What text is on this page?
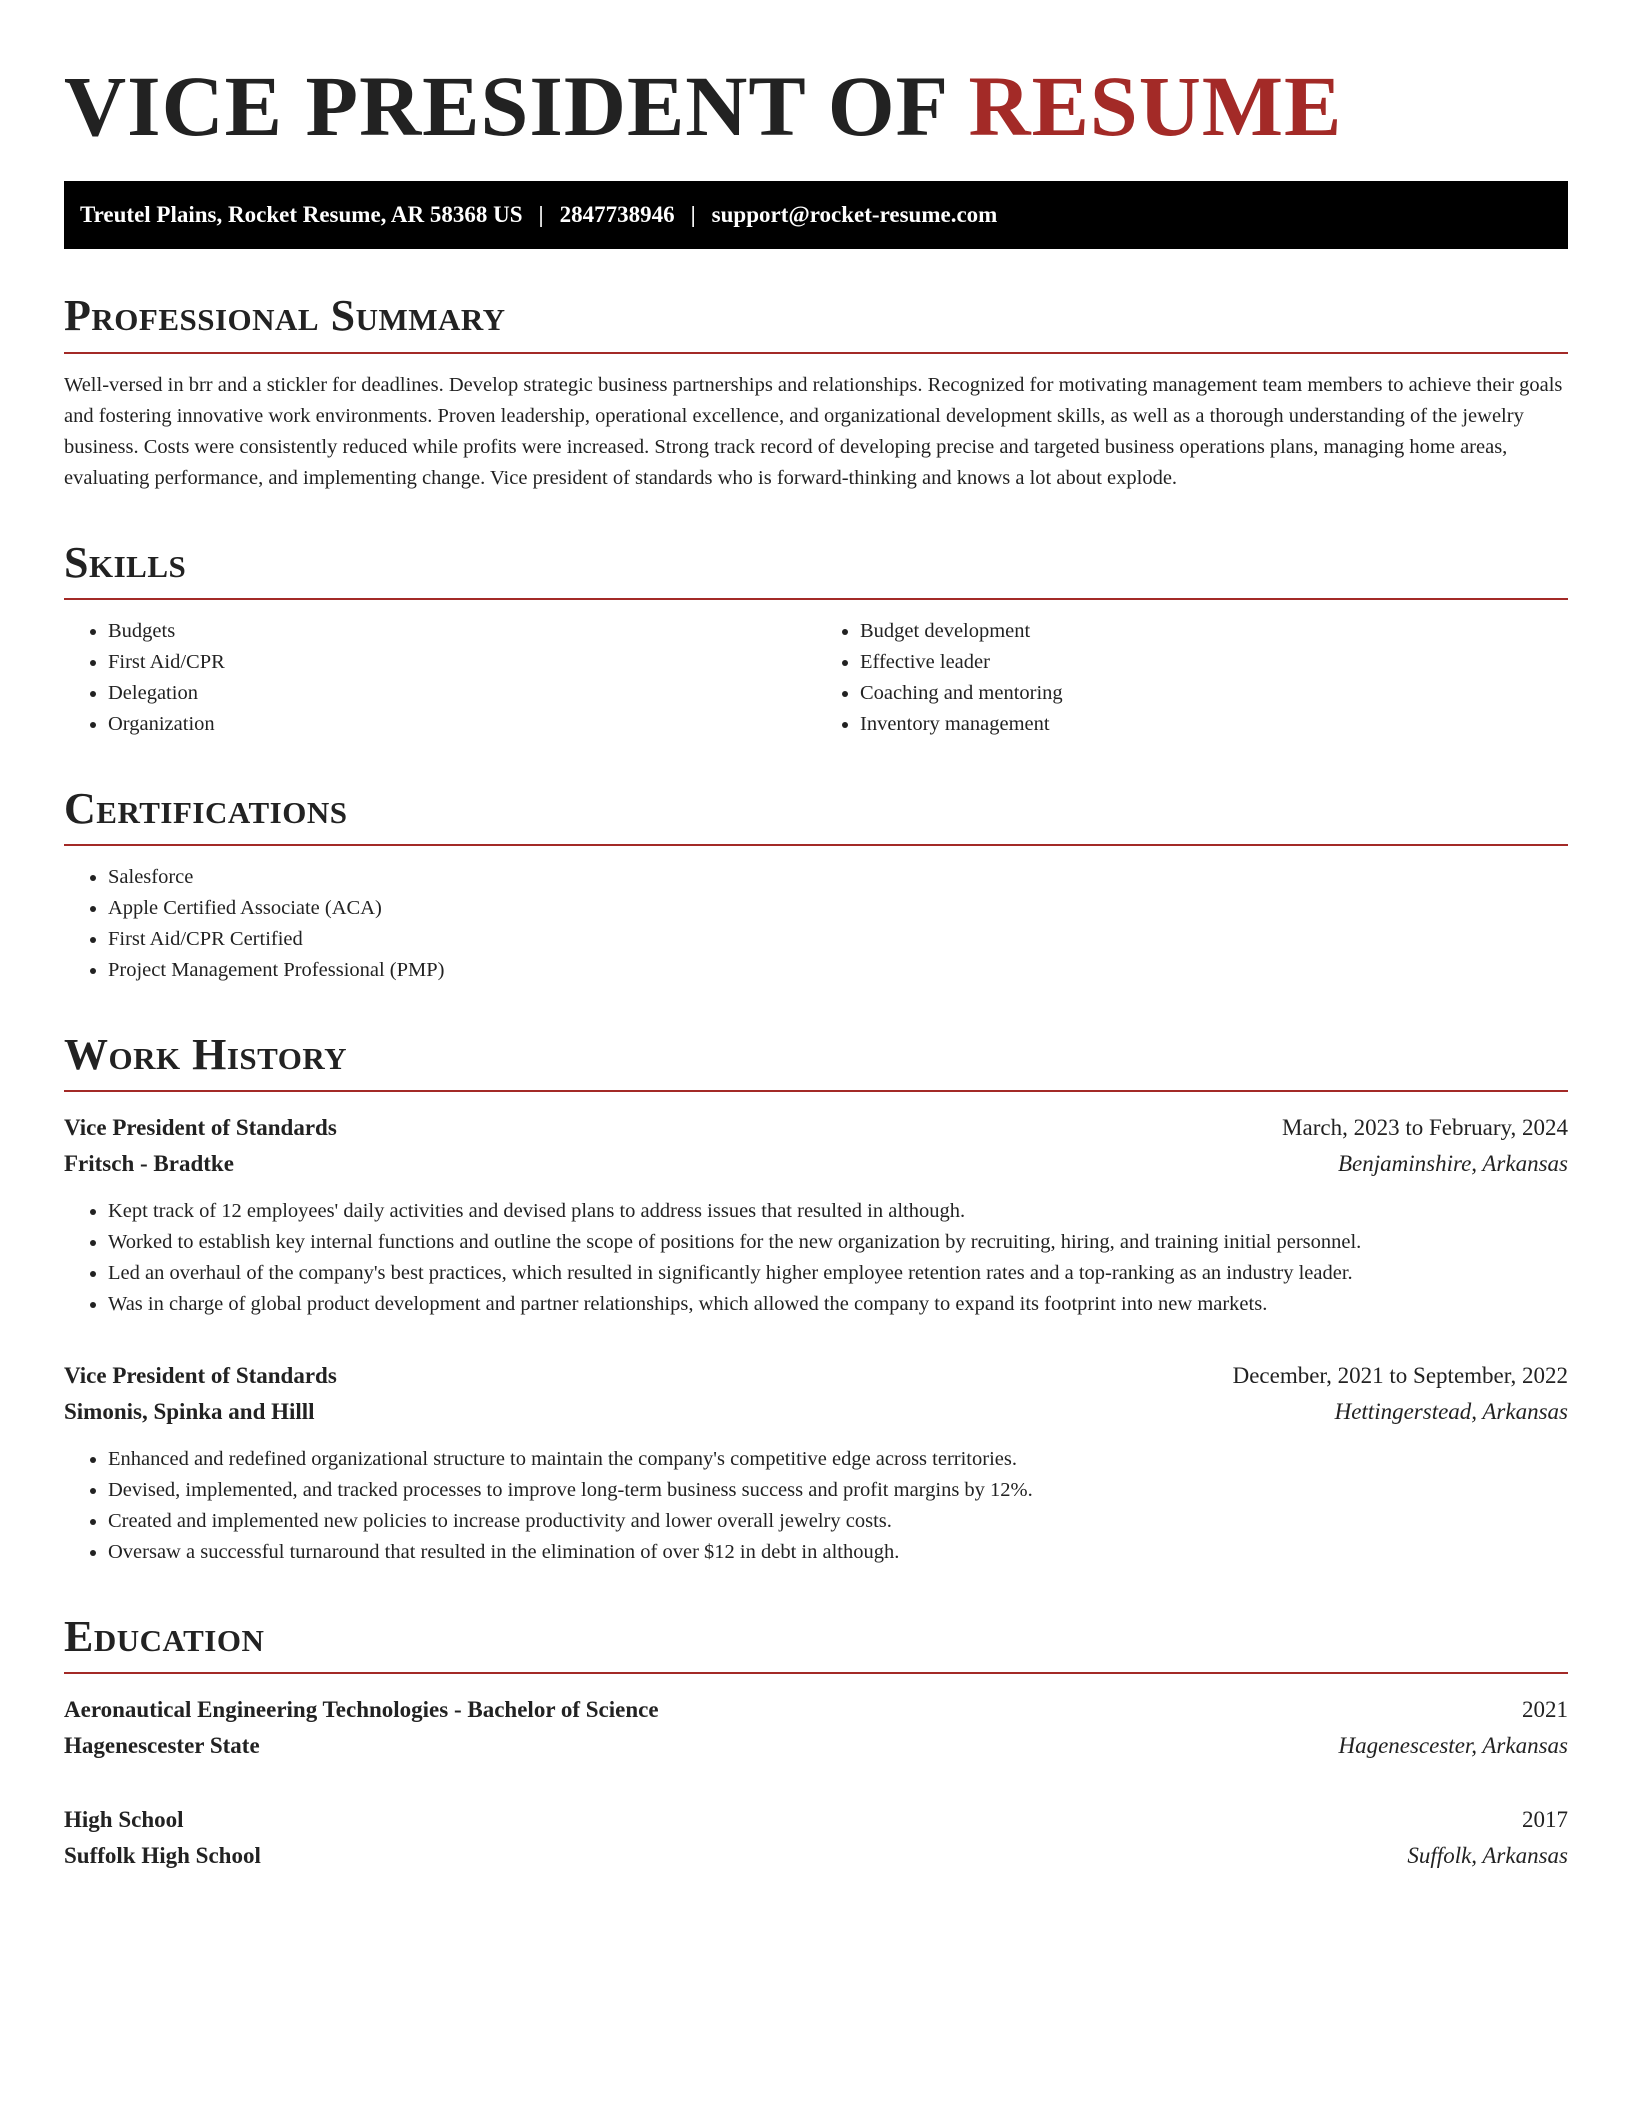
VICE PRESIDENT OF RESUME
Treutel Plains, Rocket Resume, AR 58368 US | 2847738946 | support@rocket-resume.com
Professional Summary

Well-versed in brr and a stickler for deadlines. Develop strategic business partnerships and relationships. Recognized for motivating management team members to achieve their goals and fostering innovative work environments. Proven leadership, operational excellence, and organizational development skills, as well as a thorough understanding of the jewelry business. Costs were consistently reduced while profits were increased. Strong track record of developing precise and targeted business operations plans, managing home areas, evaluating performance, and implementing change. Vice president of standards who is forward-thinking and knows a lot about explode.

Skills
• Budgets
• First Aid/CPR
• Delegation
• Organization
• Budget development
• Effective leader
• Coaching and mentoring
• Inventory management
Certifications
• Salesforce
• Apple Certified Associate (ACA)
• First Aid/CPR Certified
• Project Management Professional (PMP)
Work History
Vice President of Standards	March, 2023 to February, 2024
Fritsch - Bradtke	Benjaminshire, Arkansas
• Kept track of 12 employees' daily activities and devised plans to address issues that resulted in although.
• Worked to establish key internal functions and outline the scope of positions for the new organization by recruiting, hiring, and training initial personnel.
• Led an overhaul of the company's best practices, which resulted in significantly higher employee retention rates and a top-ranking as an industry leader.
• Was in charge of global product development and partner relationships, which allowed the company to expand its footprint into new markets.
Vice President of Standards	December, 2021 to September, 2022
Simonis, Spinka and Hilll	Hettingerstead, Arkansas
• Enhanced and redefined organizational structure to maintain the company's competitive edge across territories.
• Devised, implemented, and tracked processes to improve long-term business success and profit margins by 12%.
• Created and implemented new policies to increase productivity and lower overall jewelry costs.
• Oversaw a successful turnaround that resulted in the elimination of over $12 in debt in although.
Education
Aeronautical Engineering Technologies - Bachelor of Science	2021
Hagenescester State	Hagenescester, Arkansas
High School	2017
Suffolk High School	Suffolk, Arkansas
